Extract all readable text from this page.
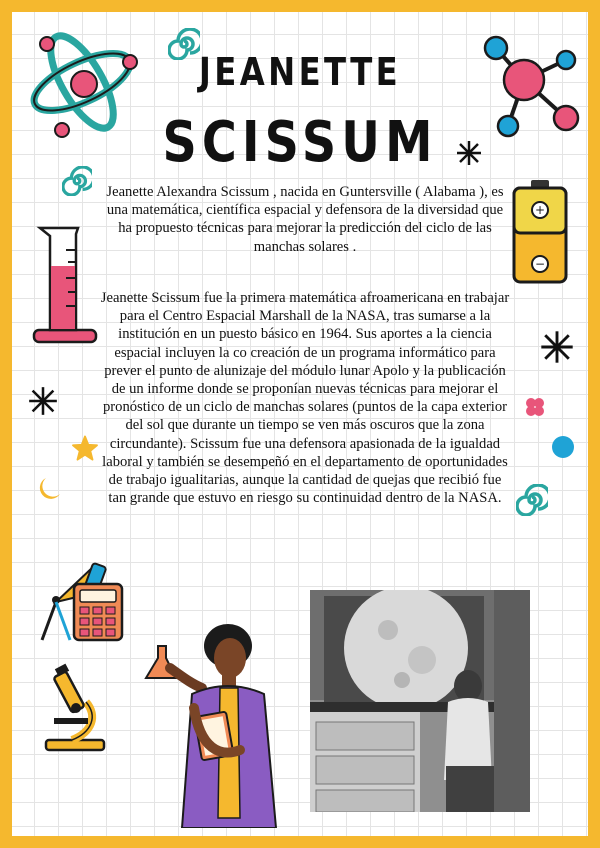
JEANETTE
SCISSUM

Jeanette Alexandra Scissum , nacida en Guntersville ( Alabama ), es una matemática, científica espacial y defensora de la diversidad que ha propuesto técnicas para mejorar la predicción del ciclo de las manchas solares .

Jeanette Scissum fue la primera matemática afroamericana en trabajar para el Centro Espacial Marshall de la NASA, tras sumarse a la institución en un puesto básico en 1964. Sus aportes a la ciencia espacial incluyen la co creación de un programa informático para prever el punto de alunizaje del módulo lunar Apolo y la publicación de un informe donde se proponían nuevas técnicas para mejorar el pronóstico de un ciclo de manchas solares (puntos de la capa exterior del sol que durante un tiempo se ven más oscuros que la zona circundante). Scissum fue una defensora apasionada de la igualdad laboral y también se desempeñó en el departamento de oportunidades de trabajo igualitarias, aunque la cantidad de quejas que recibió fue tan grande que estuvo en riesgo su continuidad dentro de la NASA.

+
−
